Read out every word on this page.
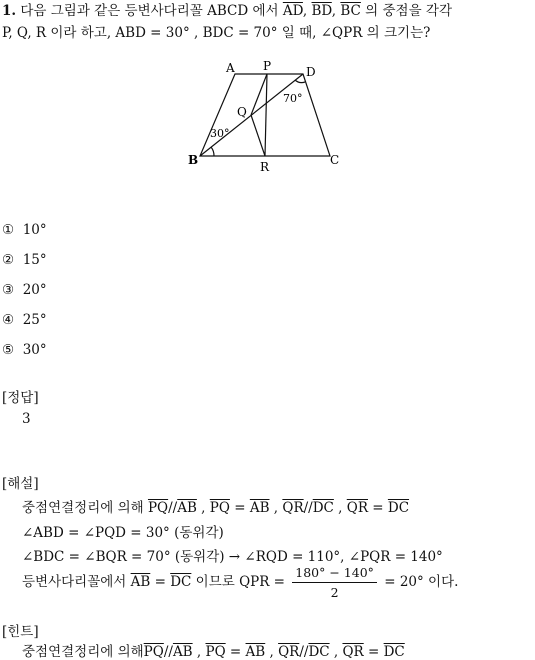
1. 다음 그림과 같은 등변사다리꼴 ABCD 에서 $\overline{AD}$, $\overline{BD}$, $\overline{BC}$ 의 중점을 각각
P, Q, R 이라 하고, ABD = 30° , BDC = 70° 일 때, ∠QPR 의 크기는?
A P	D
Q
B	R	C
30°
70°
① 10°
② 15°
③ 20°
④ 25°
⑤ 30°
[정답]
3
[해설]
중점연결정리에 의해 $\overline{PQ}//\overline{AB}$ , $\overline{PQ} = \overline{AB}$ , $\overline{QR}//\overline{DC}$ , $\overline{QR} = \overline{DC}$
∠ABD = ∠PQD = 30° (동위각)
∠BDC = ∠BQR = 70° (동위각) → ∠RQD = 110°, ∠PQR = 140°
등변사다리꼴에서 $\overline{AB} = \overline{DC}$ 이므로 QPR = $\frac{180^\circ - 140^\circ}{2} = 20^\circ$ 이다.
[힌트]
중점연결정리에 의해$\overline{PQ}//\overline{AB}$ , $\overline{PQ} = \overline{AB}$ , $\overline{QR}//\overline{DC}$ , $\overline{QR} = \overline{DC}$
